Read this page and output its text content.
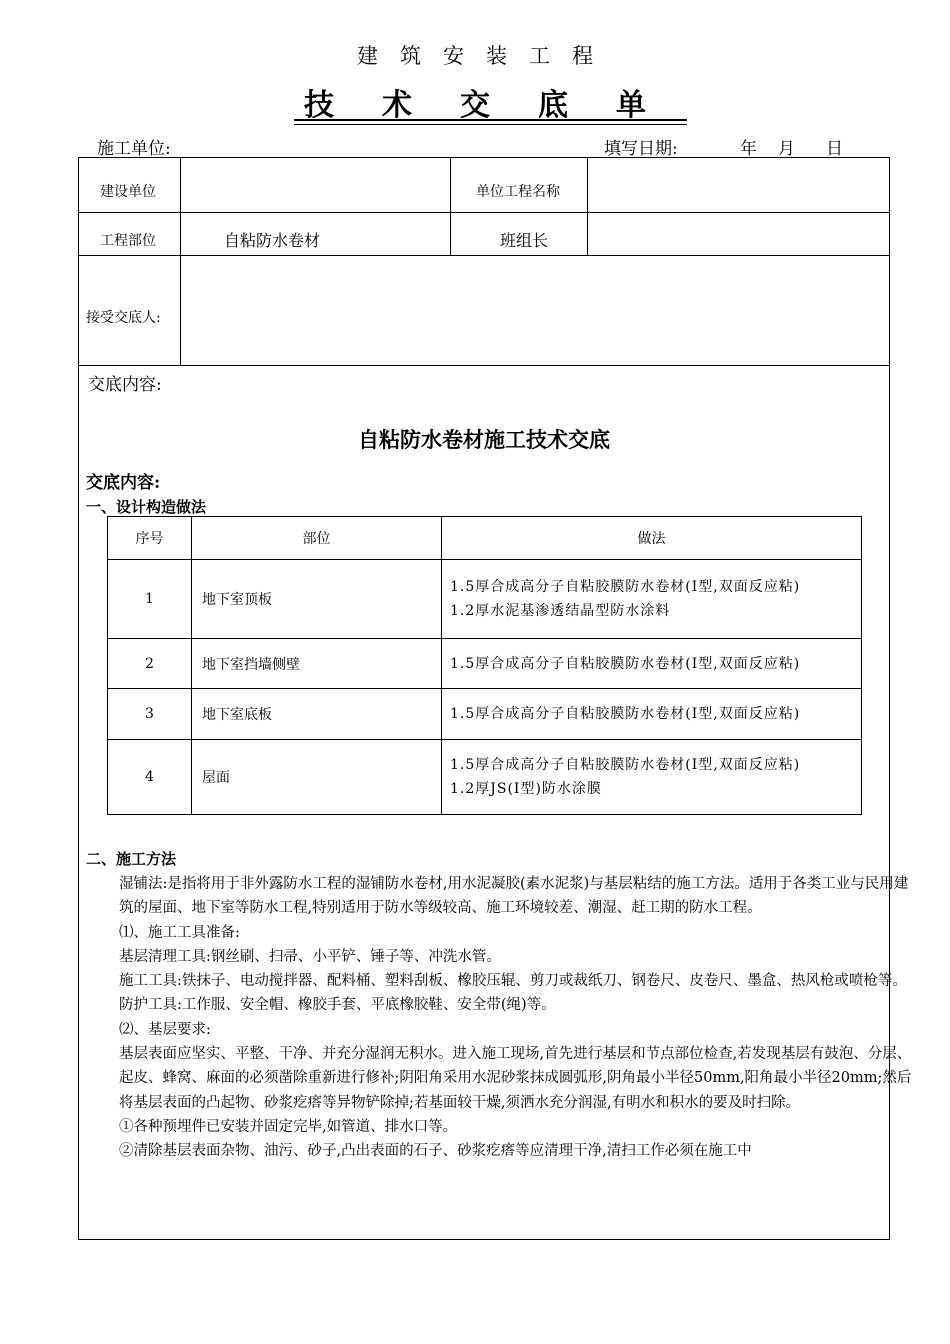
建筑安装工程
技术交底单
施工单位:	填写日期:	年 月 日
建设单位	单位工程名称
工程部位	自粘防水卷材	班组长
接受交底人:
交底内容:
自粘防水卷材施工技术交底
交底内容:
一、设计构造做法
序号	部位	做法
1	地下室顶板	1.5厚合成高分子自粘胶膜防水卷材(Ⅰ型,双面反应粘)
1.2厚水泥基渗透结晶型防水涂料

2	地下室挡墙侧壁	1.5厚合成高分子自粘胶膜防水卷材(Ⅰ型,双面反应粘)

3	地下室底板	1.5厚合成高分子自粘胶膜防水卷材(Ⅰ型,双面反应粘)

4	屋面	1.5厚合成高分子自粘胶膜防水卷材(Ⅰ型,双面反应粘)
1.2厚JS(Ⅰ型)防水涂膜
二、施工方法

湿铺法:是指将用于非外露防水工程的湿铺防水卷材,用水泥凝胶(素水泥浆)与基层粘结的施工方法。适用于各类工业与民用建筑的屋面、地下室等防水工程,特别适用于防水等级较高、施工环境较差、潮湿、赶工期的防水工程。

⑴、施工工具准备:

基层清理工具:钢丝刷、扫帚、小平铲、锤子等、冲洗水管。

施工工具:铁抹子、电动搅拌器、配料桶、塑料刮板、橡胶压辊、剪刀或裁纸刀、钢卷尺、皮卷尺、墨盒、热风枪或喷枪等。

防护工具:工作服、安全帽、橡胶手套、平底橡胶鞋、安全带(绳)等。

⑵、基层要求:

基层表面应坚实、平整、干净、并充分湿润无积水。进入施工现场,首先进行基层和节点部位检查,若发现基层有鼓泡、分层、起皮、蜂窝、麻面的必须凿除重新进行修补;阴阳角采用水泥砂浆抹成圆弧形,阴角最小半径50mm,阳角最小半径20mm;然后将基层表面的凸起物、砂浆疙瘩等异物铲除掉;若基面较干燥,须洒水充分润湿,有明水和积水的要及时扫除。

①各种预埋件已安装并固定完毕,如管道、排水口等。

②清除基层表面杂物、油污、砂子,凸出表面的石子、砂浆疙瘩等应清理干净,清扫工作必须在施工中
